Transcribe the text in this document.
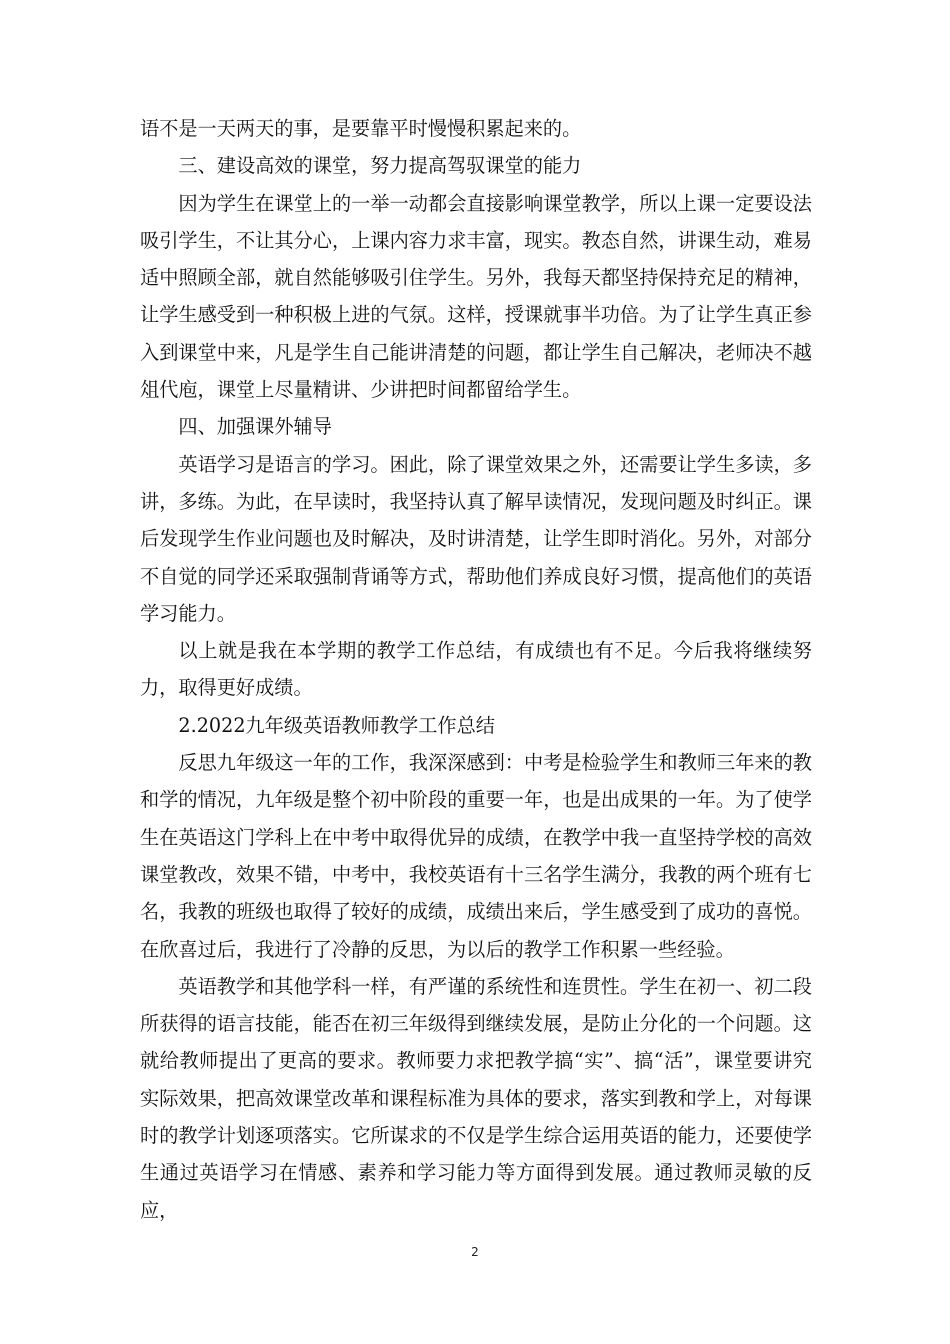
语不是一天两天的事，是要靠平时慢慢积累起来的。

三、建设高效的课堂，努力提高驾驭课堂的能力

因为学生在课堂上的一举一动都会直接影响课堂教学，所以上课一定要设法吸引学生，不让其分心，上课内容力求丰富，现实。教态自然，讲课生动，难易适中照顾全部，就自然能够吸引住学生。另外，我每天都坚持保持充足的精神，让学生感受到一种积极上进的气氛。这样，授课就事半功倍。为了让学生真正参入到课堂中来，凡是学生自己能讲清楚的问题，都让学生自己解决，老师决不越俎代庖，课堂上尽量精讲、少讲把时间都留给学生。

四、加强课外辅导

英语学习是语言的学习。困此，除了课堂效果之外，还需要让学生多读，多讲，多练。为此，在早读时，我坚持认真了解早读情况，发现问题及时纠正。课后发现学生作业问题也及时解决，及时讲清楚，让学生即时消化。另外，对部分不自觉的同学还采取强制背诵等方式，帮助他们养成良好习惯，提高他们的英语学习能力。

以上就是我在本学期的教学工作总结，有成绩也有不足。今后我将继续努力，取得更好成绩。

2.2022九年级英语教师教学工作总结

反思九年级这一年的工作，我深深感到：中考是检验学生和教师三年来的教和学的情况，九年级是整个初中阶段的重要一年，也是出成果的一年。为了使学生在英语这门学科上在中考中取得优异的成绩，在教学中我一直坚持学校的高效课堂教改，效果不错，中考中，我校英语有十三名学生满分，我教的两个班有七名，我教的班级也取得了较好的成绩，成绩出来后，学生感受到了成功的喜悦。在欣喜过后，我进行了冷静的反思，为以后的教学工作积累一些经验。

英语教学和其他学科一样，有严谨的系统性和连贯性。学生在初一、初二段所获得的语言技能，能否在初三年级得到继续发展，是防止分化的一个问题。这就给教师提出了更高的要求。教师要力求把教学搞“实”、搞“活”，课堂要讲究实际效果，把高效课堂改革和课程标准为具体的要求，落实到教和学上，对每课时的教学计划逐项落实。它所谋求的不仅是学生综合运用英语的能力，还要使学生通过英语学习在情感、素养和学习能力等方面得到发展。通过教师灵敏的反应，

2
